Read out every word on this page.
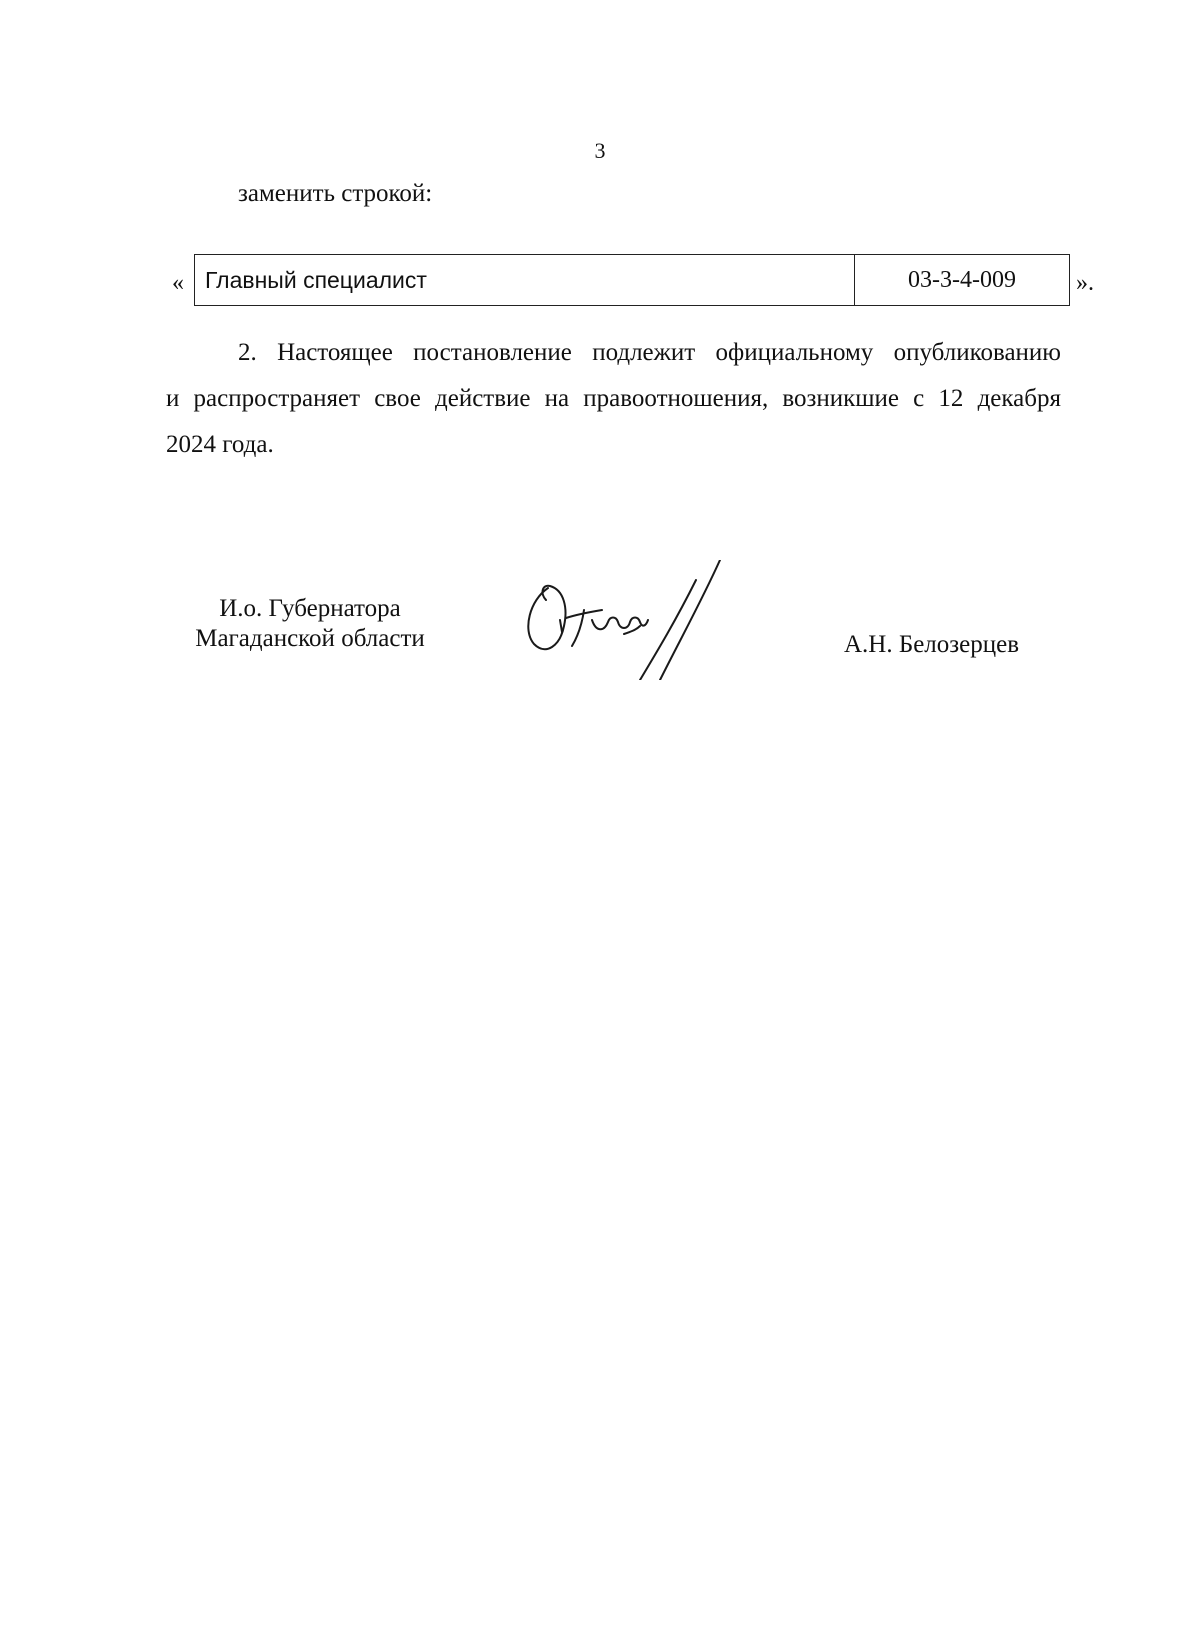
3
заменить строкой:
« Главный специалист	03-3-4-009	».
2. Настоящее постановление подлежит официальному опубликованию
и распространяет свое действие на правоотношения, возникшие с 12 декабря
2024 года.
И.о. Губернатора
Магаданской области	А.Н. Белозерцев
